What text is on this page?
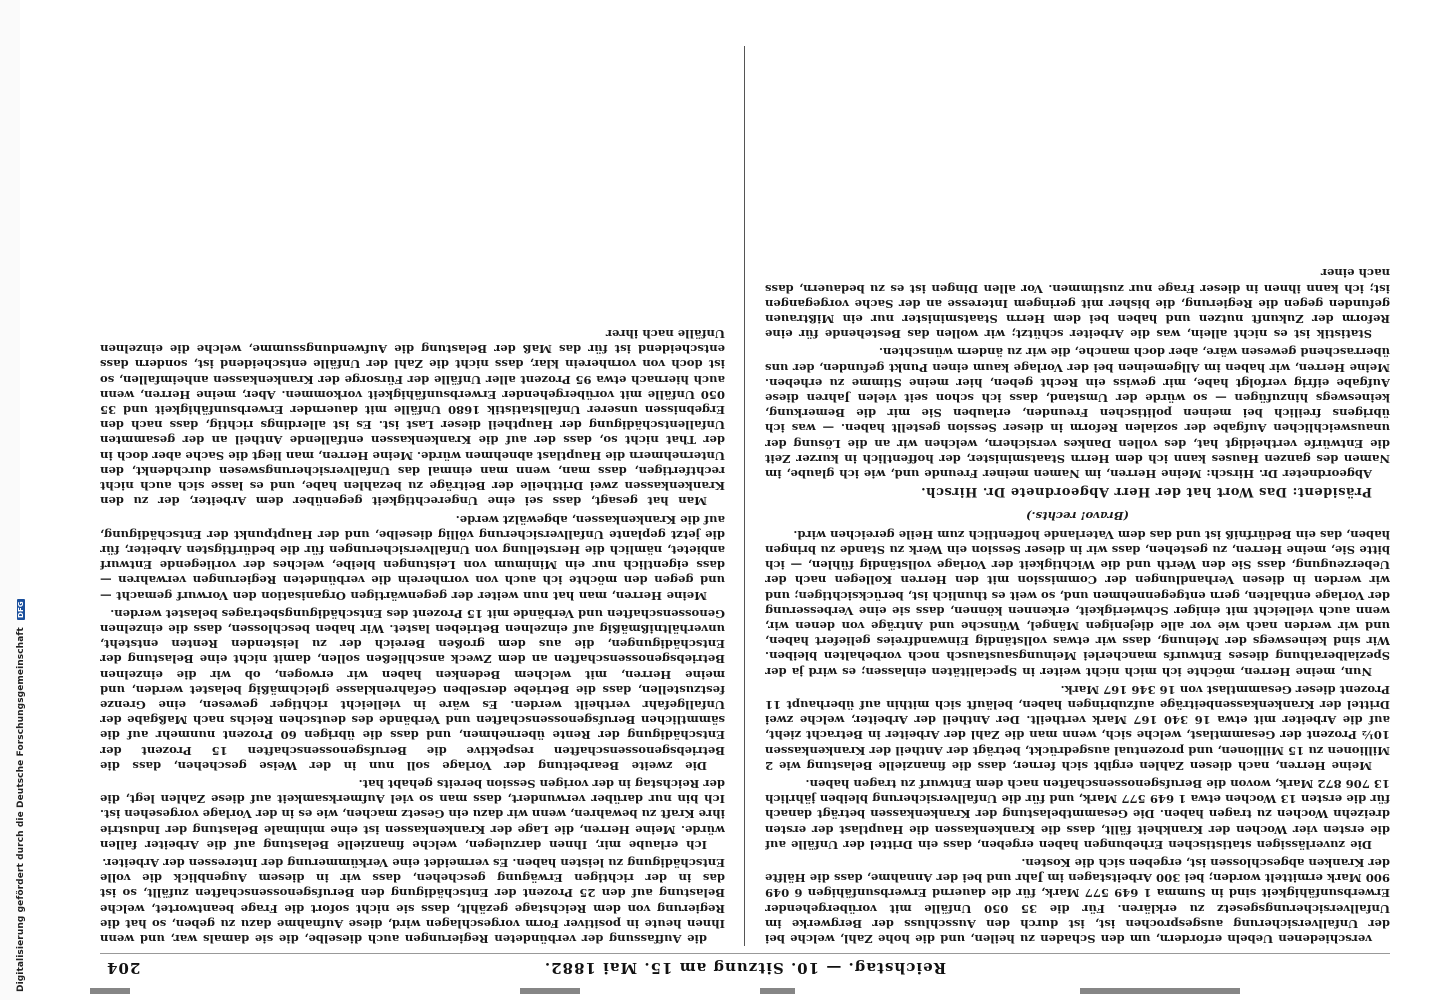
Digitalisierung gefördert durch die Deutsche Forschungsgemeinschaft DFG
Reichstag. — 10. Sitzung am 15. Mai 1882.
204

verschiedenen Uebeln erfordern, um den Schaden zu heilen, und die hohe Zahl, welche bei der Unfallversicherung ausgesprochen ist, ist durch den Ausschluss der Bergwerke im Unfallversicherungsgesetz zu erklären. Für die 35 050 Unfälle mit vorübergehender Erwerbsunfähigkeit sind in Summa 1 649 577 Mark, für die dauernd Erwerbsunfähigen 6 049 900 Mark ermittelt worden; bei 300 Arbeitstagen im Jahr und bei der Annahme, dass die Hälfte der Kranken abgeschlossen ist, ergeben sich die Kosten.

Die zuverlässigen statistischen Erhebungen haben ergeben, dass ein Drittel der Unfälle auf die ersten vier Wochen der Krankheit fällt, dass die Krankenkassen die Hauptlast der ersten dreizehn Wochen zu tragen haben. Die Gesammtbelastung der Krankenkassen beträgt danach für die ersten 13 Wochen etwa 1 649 577 Mark, und für die Unfallversicherung bleiben jährlich 13 706 872 Mark, wovon die Berufsgenossenschaften nach dem Entwurf zu tragen haben.

Meine Herren, nach diesen Zahlen ergibt sich ferner, dass die finanzielle Belastung wie 2 Millionen zu 15 Millionen, und prozentual ausgedrückt, beträgt der Antheil der Krankenkassen 10½ Prozent der Gesammtlast, welche sich, wenn man die Zahl der Arbeiter in Betracht zieht, auf die Arbeiter mit etwa 16 340 167 Mark vertheilt. Der Antheil der Arbeiter, welche zwei Drittel der Krankenkassenbeiträge aufzubringen haben, beläuft sich mithin auf überhaupt 11 Prozent dieser Gesammtlast von 16 346 167 Mark.

Nun, meine Herren, möchte ich mich nicht weiter in Specialitäten einlassen; es wird ja der Spezialberathung dieses Entwurfs mancherlei Meinungsaustausch noch vorbehalten bleiben. Wir sind keineswegs der Meinung, dass wir etwas vollständig Einwandfreies geliefert haben, und wir werden nach wie vor alle diejenigen Mängel, Wünsche und Anträge von denen wir, wenn auch vielleicht mit einiger Schwierigkeit, erkennen können, dass sie eine Verbesserung der Vorlage enthalten, gern entgegennehmen und, so weit es thunlich ist, berücksichtigen; und wir werden in diesen Verhandlungen der Commission mit den Herren Kollegen nach der Ueberzeugung, dass Sie den Werth und die Wichtigkeit der Vorlage vollständig fühlen, — ich bitte Sie, meine Herren, zu gestehen, dass wir in dieser Session ein Werk zu Stande zu bringen haben, das ein Bedürfniß ist und das dem Vaterlande hoffentlich zum Heile gereichen wird.

(Bravo! rechts.)

Präsident: Das Wort hat der Herr Abgeordnete Dr. Hirsch.

Abgeordneter Dr. Hirsch: Meine Herren, im Namen meiner Freunde und, wie ich glaube, im Namen des ganzen Hauses kann ich dem Herrn Staatsminister, der hoffentlich in kurzer Zeit die Entwürfe vertheidigt hat, des vollen Dankes versichern, welchen wir an die Lösung der unausweichlichen Aufgabe der sozialen Reform in dieser Session gestellt haben. — was ich übrigens freilich bei meinen politischen Freunden, erlauben Sie mir die Bemerkung, keineswegs hinzufügen — so würde der Umstand, dass ich schon seit vielen Jahren diese Aufgabe eifrig verfolgt habe, mir gewiss ein Recht geben, hier meine Stimme zu erheben. Meine Herren, wir haben im Allgemeinen bei der Vorlage kaum einen Punkt gefunden, der uns überraschend gewesen wäre, aber doch manche, die wir zu ändern wünschten.

Statistik ist es nicht allein, was die Arbeiter schützt; wir wollen das Bestehende für eine Reform der Zukunft nutzen und haben bei dem Herrn Staatsminister nur ein Mißtrauen gefunden gegen die Regierung, die bisher mit geringem Interesse an der Sache vorgegangen ist; ich kann ihnen in dieser Frage nur zustimmen. Vor allen Dingen ist es zu bedauern, dass nach einer

die Auffassung der verbündeten Regierungen auch dieselbe, die sie damals war, und wenn Ihnen heute in positiver Form vorgeschlagen wird, diese Aufnahme dazu zu geben, so hat die Regierung von dem Reichstage gezählt, dass sie nicht sofort die Frage beantwortet, welche Belastung auf den 25 Prozent der Entschädigung den Berufsgenossenschaften zufällt, so ist das in der richtigen Erwägung geschehen, dass wir in diesem Augenblick die volle Entschädigung zu leisten haben. Es vermeidet eine Verkümmerung der Interessen der Arbeiter.

Ich erlaube mir, Ihnen darzulegen, welche finanzielle Belastung auf die Arbeiter fallen würde. Meine Herren, die Lage der Krankenkassen ist eine minimale Belastung der Industrie ihre Kraft zu bewahren, wenn wir dazu ein Gesetz machen, wie es in der Vorlage vorgesehen ist. Ich bin nur darüber verwundert, dass man so viel Aufmerksamkeit auf diese Zahlen legt, die der Reichstag in der vorigen Session bereits gehabt hat.

Die zweite Bearbeitung der Vorlage soll nun in der Weise geschehen, dass die Betriebsgenossenschaften respektive die Berufsgenossenschaften 15 Prozent der Entschädigung der Rente übernehmen, und dass die übrigen 60 Prozent nunmehr auf die sämmtlichen Berufsgenossenschaften und Verbände des deutschen Reichs nach Maßgabe der Unfallgefahr vertheilt werden. Es wäre in vielleicht richtiger gewesen, eine Grenze festzustellen, dass die Betriebe derselben Gefahrenklasse gleichmäßig belastet werden, und meine Herren, mit welchem Bedenken haben wir erwogen, ob wir die einzelnen Betriebsgenossenschaften an dem Zweck anschließen sollen, damit nicht eine Belastung der Entschädigungen, die aus dem großen Bereich der zu leistenden Renten entsteht, unverhältnißmäßig auf einzelnen Betrieben lastet. Wir haben beschlossen, dass die einzelnen Genossenschaften und Verbände mit 15 Prozent des Entschädigungsbetrages belastet werden.

Meine Herren, man hat nun weiter der gegenwärtigen Organisation den Vorwurf gemacht — und gegen den möchte ich auch von vornherein die verbündeten Regierungen verwahren — dass eigentlich nur ein Minimum von Leistungen bleibe, welches der vorliegende Entwurf anbietet, nämlich die Herstellung von Unfallversicherungen für die bedürftigsten Arbeiter, für die jetzt geplante Unfallversicherung völlig dieselbe, und der Hauptpunkt der Entschädigung, auf die Krankenkassen, abgewälzt werde.

Man hat gesagt, dass sei eine Ungerechtigkeit gegenüber dem Arbeiter, der zu den Krankenkassen zwei Drittheile der Beiträge zu bezahlen habe, und es lasse sich auch nicht rechtfertigen, dass man, wenn man einmal das Unfallversicherungswesen durchdenkt, den Unternehmern die Hauptlast abnehmen würde. Meine Herren, man liegt die Sache aber doch in der That nicht so, dass der auf die Krankenkassen entfallende Antheil an der gesammten Unfallentschädigung der Hauptheil dieser Last ist. Es ist allerdings richtig, dass nach den Ergebnissen unserer Unfallstatistik 1680 Unfälle mit dauernder Erwerbsunfähigkeit und 35 050 Unfälle mit vorübergehender Erwerbsunfähigkeit vorkommen. Aber, meine Herren, wenn auch hiernach etwa 95 Prozent aller Unfälle der Fürsorge der Krankenkassen anheimfallen, so ist doch von vornherein klar, dass nicht die Zahl der Unfälle entscheidend ist, sondern dass entscheidend ist für das Maß der Belastung die Aufwendungssumme, welche die einzelnen Unfälle nach ihrer
